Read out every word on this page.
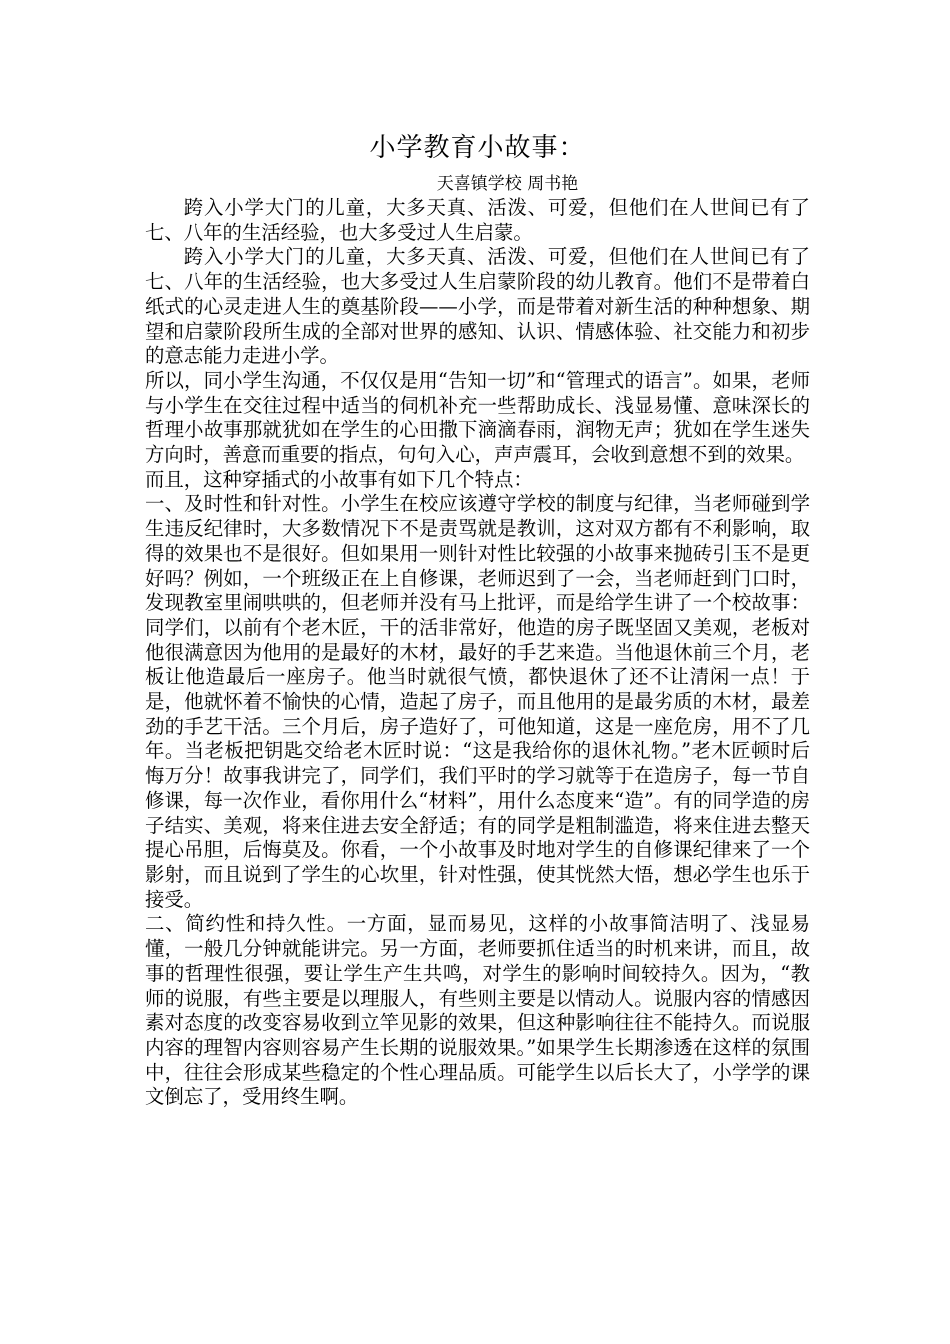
小学教育小故事：

天喜镇学校 周书艳

跨入小学大门的儿童，大多天真、活泼、可爱，但他们在人世间已有了七、八年的生活经验，也大多受过人生启蒙。

跨入小学大门的儿童，大多天真、活泼、可爱，但他们在人世间已有了七、八年的生活经验，也大多受过人生启蒙阶段的幼儿教育。他们不是带着白纸式的心灵走进人生的奠基阶段——小学，而是带着对新生活的种种想象、期望和启蒙阶段所生成的全部对世界的感知、认识、情感体验、社交能力和初步的意志能力走进小学。

所以，同小学生沟通，不仅仅是用“告知一切”和“管理式的语言”。如果，老师与小学生在交往过程中适当的伺机补充一些帮助成长、浅显易懂、意味深长的哲理小故事那就犹如在学生的心田撒下滴滴春雨，润物无声；犹如在学生迷失方向时，善意而重要的指点，句句入心，声声震耳，会收到意想不到的效果。

而且，这种穿插式的小故事有如下几个特点：

一、及时性和针对性。小学生在校应该遵守学校的制度与纪律，当老师碰到学生违反纪律时，大多数情况下不是责骂就是教训，这对双方都有不利影响，取得的效果也不是很好。但如果用一则针对性比较强的小故事来抛砖引玉不是更好吗？例如，一个班级正在上自修课，老师迟到了一会，当老师赶到门口时，发现教室里闹哄哄的，但老师并没有马上批评，而是给学生讲了一个校故事：同学们，以前有个老木匠，干的活非常好，他造的房子既坚固又美观，老板对他很满意因为他用的是最好的木材，最好的手艺来造。当他退休前三个月，老板让他造最后一座房子。他当时就很气愤，都快退休了还不让清闲一点！于是，他就怀着不愉快的心情，造起了房子，而且他用的是最劣质的木材，最差劲的手艺干活。三个月后，房子造好了，可他知道，这是一座危房，用不了几年。当老板把钥匙交给老木匠时说：“这是我给你的退休礼物。”老木匠顿时后悔万分！故事我讲完了，同学们，我们平时的学习就等于在造房子，每一节自修课，每一次作业，看你用什么“材料”，用什么态度来“造”。有的同学造的房子结实、美观，将来住进去安全舒适；有的同学是粗制滥造，将来住进去整天提心吊胆，后悔莫及。你看，一个小故事及时地对学生的自修课纪律来了一个影射，而且说到了学生的心坎里，针对性强，使其恍然大悟，想必学生也乐于接受。

二、简约性和持久性。一方面，显而易见，这样的小故事简洁明了、浅显易懂，一般几分钟就能讲完。另一方面，老师要抓住适当的时机来讲，而且，故事的哲理性很强，要让学生产生共鸣，对学生的影响时间较持久。因为，“教师的说服，有些主要是以理服人，有些则主要是以情动人。说服内容的情感因素对态度的改变容易收到立竿见影的效果，但这种影响往往不能持久。而说服内容的理智内容则容易产生长期的说服效果。”如果学生长期渗透在这样的氛围中，往往会形成某些稳定的个性心理品质。可能学生以后长大了，小学学的课文倒忘了，受用终生啊。
